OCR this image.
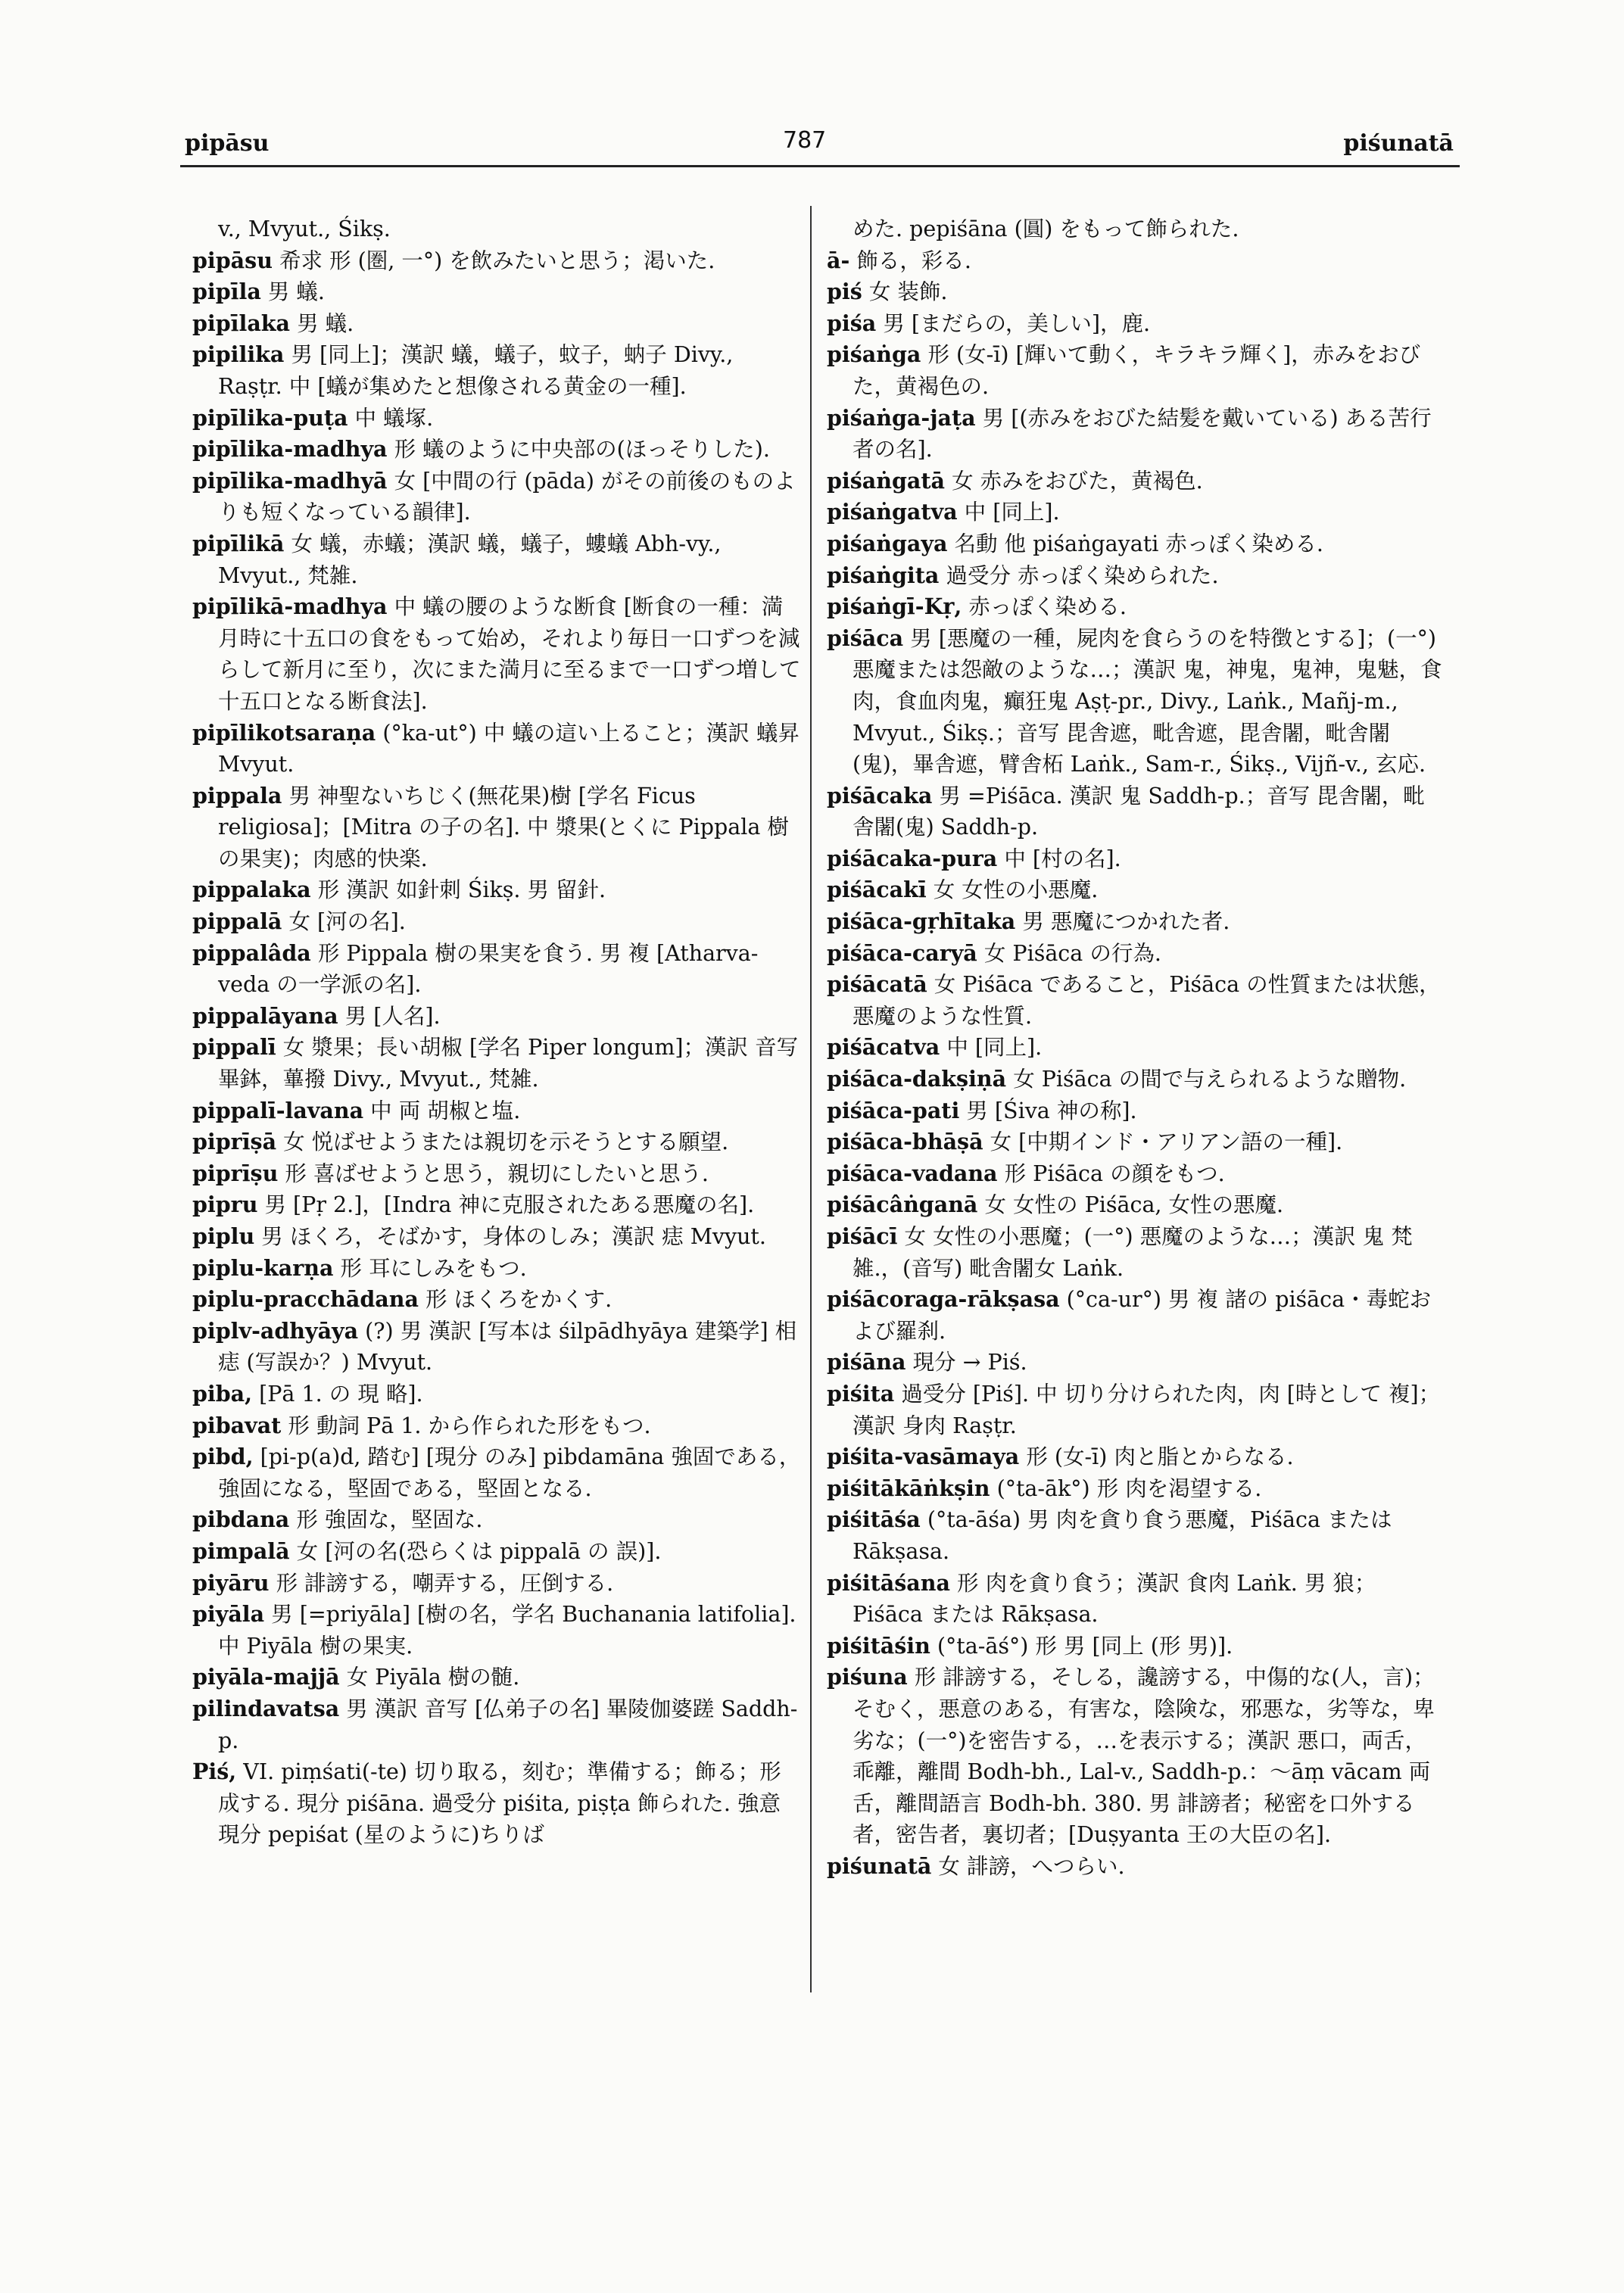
pipāsu	787	piśunatā

v., Mvyut., Śikṣ.

pipāsu 希求 形 (圏, 一°) を飲みたいと思う；渇いた.

pipīla 男 蟻.

pipīlaka 男 蟻.

pipilika 男 [同上]；漢訳 蟻，蟻子，蚊子，蚋子 Divy., Raṣṭr. 中 [蟻が集めたと想像される黄金の一種].

pipīlika-puṭa 中 蟻塚.

pipīlika-madhya 形 蟻のように中央部の(ほっそりした).

pipīlika-madhyā 女 [中間の行 (pāda) がその前後のものよりも短くなっている韻律].

pipīlikā 女 蟻，赤蟻；漢訳 蟻，蟻子，螻蟻 Abh-vy., Mvyut., 梵雑.

pipīlikā-madhya 中 蟻の腰のような断食 [断食の一種：満月時に十五口の食をもって始め，それより毎日一口ずつを減らして新月に至り，次にまた満月に至るまで一口ずつ増して十五口となる断食法].

pipīlikotsaraṇa (°ka-ut°) 中 蟻の這い上ること；漢訳 蟻昇 Mvyut.

pippala 男 神聖ないちじく(無花果)樹 [学名 Ficus religiosa]；[Mitra の子の名]. 中 漿果(とくに Pippala 樹の果実)；肉感的快楽.

pippalaka 形 漢訳 如針刺 Śikṣ. 男 留針.

pippalā 女 [河の名].

pippalâda 形 Pippala 樹の果実を食う. 男 複 [Atharva-veda の一学派の名].

pippalāyana 男 [人名].

pippalī 女 漿果；長い胡椒 [学名 Piper longum]；漢訳 音写 畢鉢，蓽撥 Divy., Mvyut., 梵雑.

pippalī-lavana 中 両 胡椒と塩.

piprīṣā 女 悦ばせようまたは親切を示そうとする願望.

piprīṣu 形 喜ばせようと思う，親切にしたいと思う.

pipru 男 [Pṛ 2.]，[Indra 神に克服されたある悪魔の名].

piplu 男 ほくろ，そばかす，身体のしみ；漢訳 痣 Mvyut.

piplu-karṇa 形 耳にしみをもつ.

piplu-pracchādana 形 ほくろをかくす.

piplv-adhyāya (?) 男 漢訳 [写本は śilpādhyāya 建築学] 相痣 (写誤か？) Mvyut.

piba, [Pā 1. の 現 略].

pibavat 形 動詞 Pā 1. から作られた形をもつ.

pibd, [pi-p(a)d, 踏む] [現分 のみ] pibdamāna 強固である，強固になる，堅固である，堅固となる.

pibdana 形 強固な，堅固な.

pimpalā 女 [河の名(恐らくは pippalā の 誤)].

piyāru 形 誹謗する，嘲弄する，圧倒する.

piyāla 男 [=priyāla] [樹の名，学名 Buchanania latifolia]. 中 Piyāla 樹の果実.

piyāla-majjā 女 Piyāla 樹の髄.

pilindavatsa 男 漢訳 音写 [仏弟子の名] 畢陵伽婆蹉 Saddh-p.

Piś, VI. piṃśati(-te) 切り取る，刻む；準備する；飾る；形成する. 現分 piśāna. 過受分 piśita, piṣṭa 飾られた. 強意 現分 pepiśat (星のように)ちりば

めた. pepiśāna (圓) をもって飾られた.

ā- 飾る，彩る.

piś 女 装飾.

piśa 男 [まだらの，美しい]，鹿.

piśaṅga 形 (女-ī) [輝いて動く，キラキラ輝く]，赤みをおびた，黄褐色の.

piśaṅga-jaṭa 男 [(赤みをおびた結髪を戴いている) ある苦行者の名].

piśaṅgatā 女 赤みをおびた，黄褐色.

piśaṅgatva 中 [同上].

piśaṅgaya 名動 他 piśaṅgayati 赤っぽく染める.

piśaṅgita 過受分 赤っぽく染められた.

piśaṅgī-Kṛ, 赤っぽく染める.

piśāca 男 [悪魔の一種，屍肉を食らうのを特徴とする]；(一°)悪魔または怨敵のような…；漢訳 鬼，神鬼，鬼神，鬼魅，食肉，食血肉鬼，癲狂鬼 Aṣṭ-pr., Divy., Laṅk., Mañj-m., Mvyut., Śikṣ.；音写 毘舎遮，毗舎遮，毘舎闍，毗舎闍(鬼)，畢舎遮，臂舎柘 Laṅk., Sam-r., Śikṣ., Vijñ-v., 玄応.

piśācaka 男 =Piśāca. 漢訳 鬼 Saddh-p.；音写 毘舎闍，毗舎闍(鬼) Saddh-p.

piśācaka-pura 中 [村の名].

piśācakī 女 女性の小悪魔.

piśāca-gṛhītaka 男 悪魔につかれた者.

piśāca-caryā 女 Piśāca の行為.

piśācatā 女 Piśāca であること，Piśāca の性質または状態，悪魔のような性質.

piśācatva 中 [同上].

piśāca-dakṣiṇā 女 Piśāca の間で与えられるような贈物.

piśāca-pati 男 [Śiva 神の称].

piśāca-bhāṣā 女 [中期インド・アリアン語の一種].

piśāca-vadana 形 Piśāca の顔をもつ.

piśācâṅganā 女 女性の Piśāca, 女性の悪魔.

piśācī 女 女性の小悪魔；(一°) 悪魔のような…；漢訳 鬼 梵雑.，(音写) 毗舎闍女 Laṅk.

piśācoraga-rākṣasa (°ca-ur°) 男 複 諸の piśāca・毒蛇および羅刹.

piśāna 現分 → Piś.

piśita 過受分 [Piś]. 中 切り分けられた肉，肉 [時として 複]；漢訳 身肉 Raṣṭr.

piśita-vasāmaya 形 (女-ī) 肉と脂とからなる.

piśitākāṅkṣin (°ta-āk°) 形 肉を渇望する.

piśitāśa (°ta-āśa) 男 肉を貪り食う悪魔，Piśāca または Rākṣasa.

piśitāśana 形 肉を貪り食う；漢訳 食肉 Laṅk. 男 狼；Piśāca または Rākṣasa.

piśitāśin (°ta-āś°) 形 男 [同上 (形 男)].

piśuna 形 誹謗する，そしる，讒謗する，中傷的な(人，言)；そむく，悪意のある，有害な，陰険な，邪悪な，劣等な，卑劣な；(一°)を密告する，…を表示する；漢訳 悪口，両舌，乖離，離間 Bodh-bh., Lal-v., Saddh-p.：～āṃ vācam 両舌，離間語言 Bodh-bh. 380. 男 誹謗者；秘密を口外する者，密告者，裏切者；[Duṣyanta 王の大臣の名].

piśunatā 女 誹謗，へつらい.
